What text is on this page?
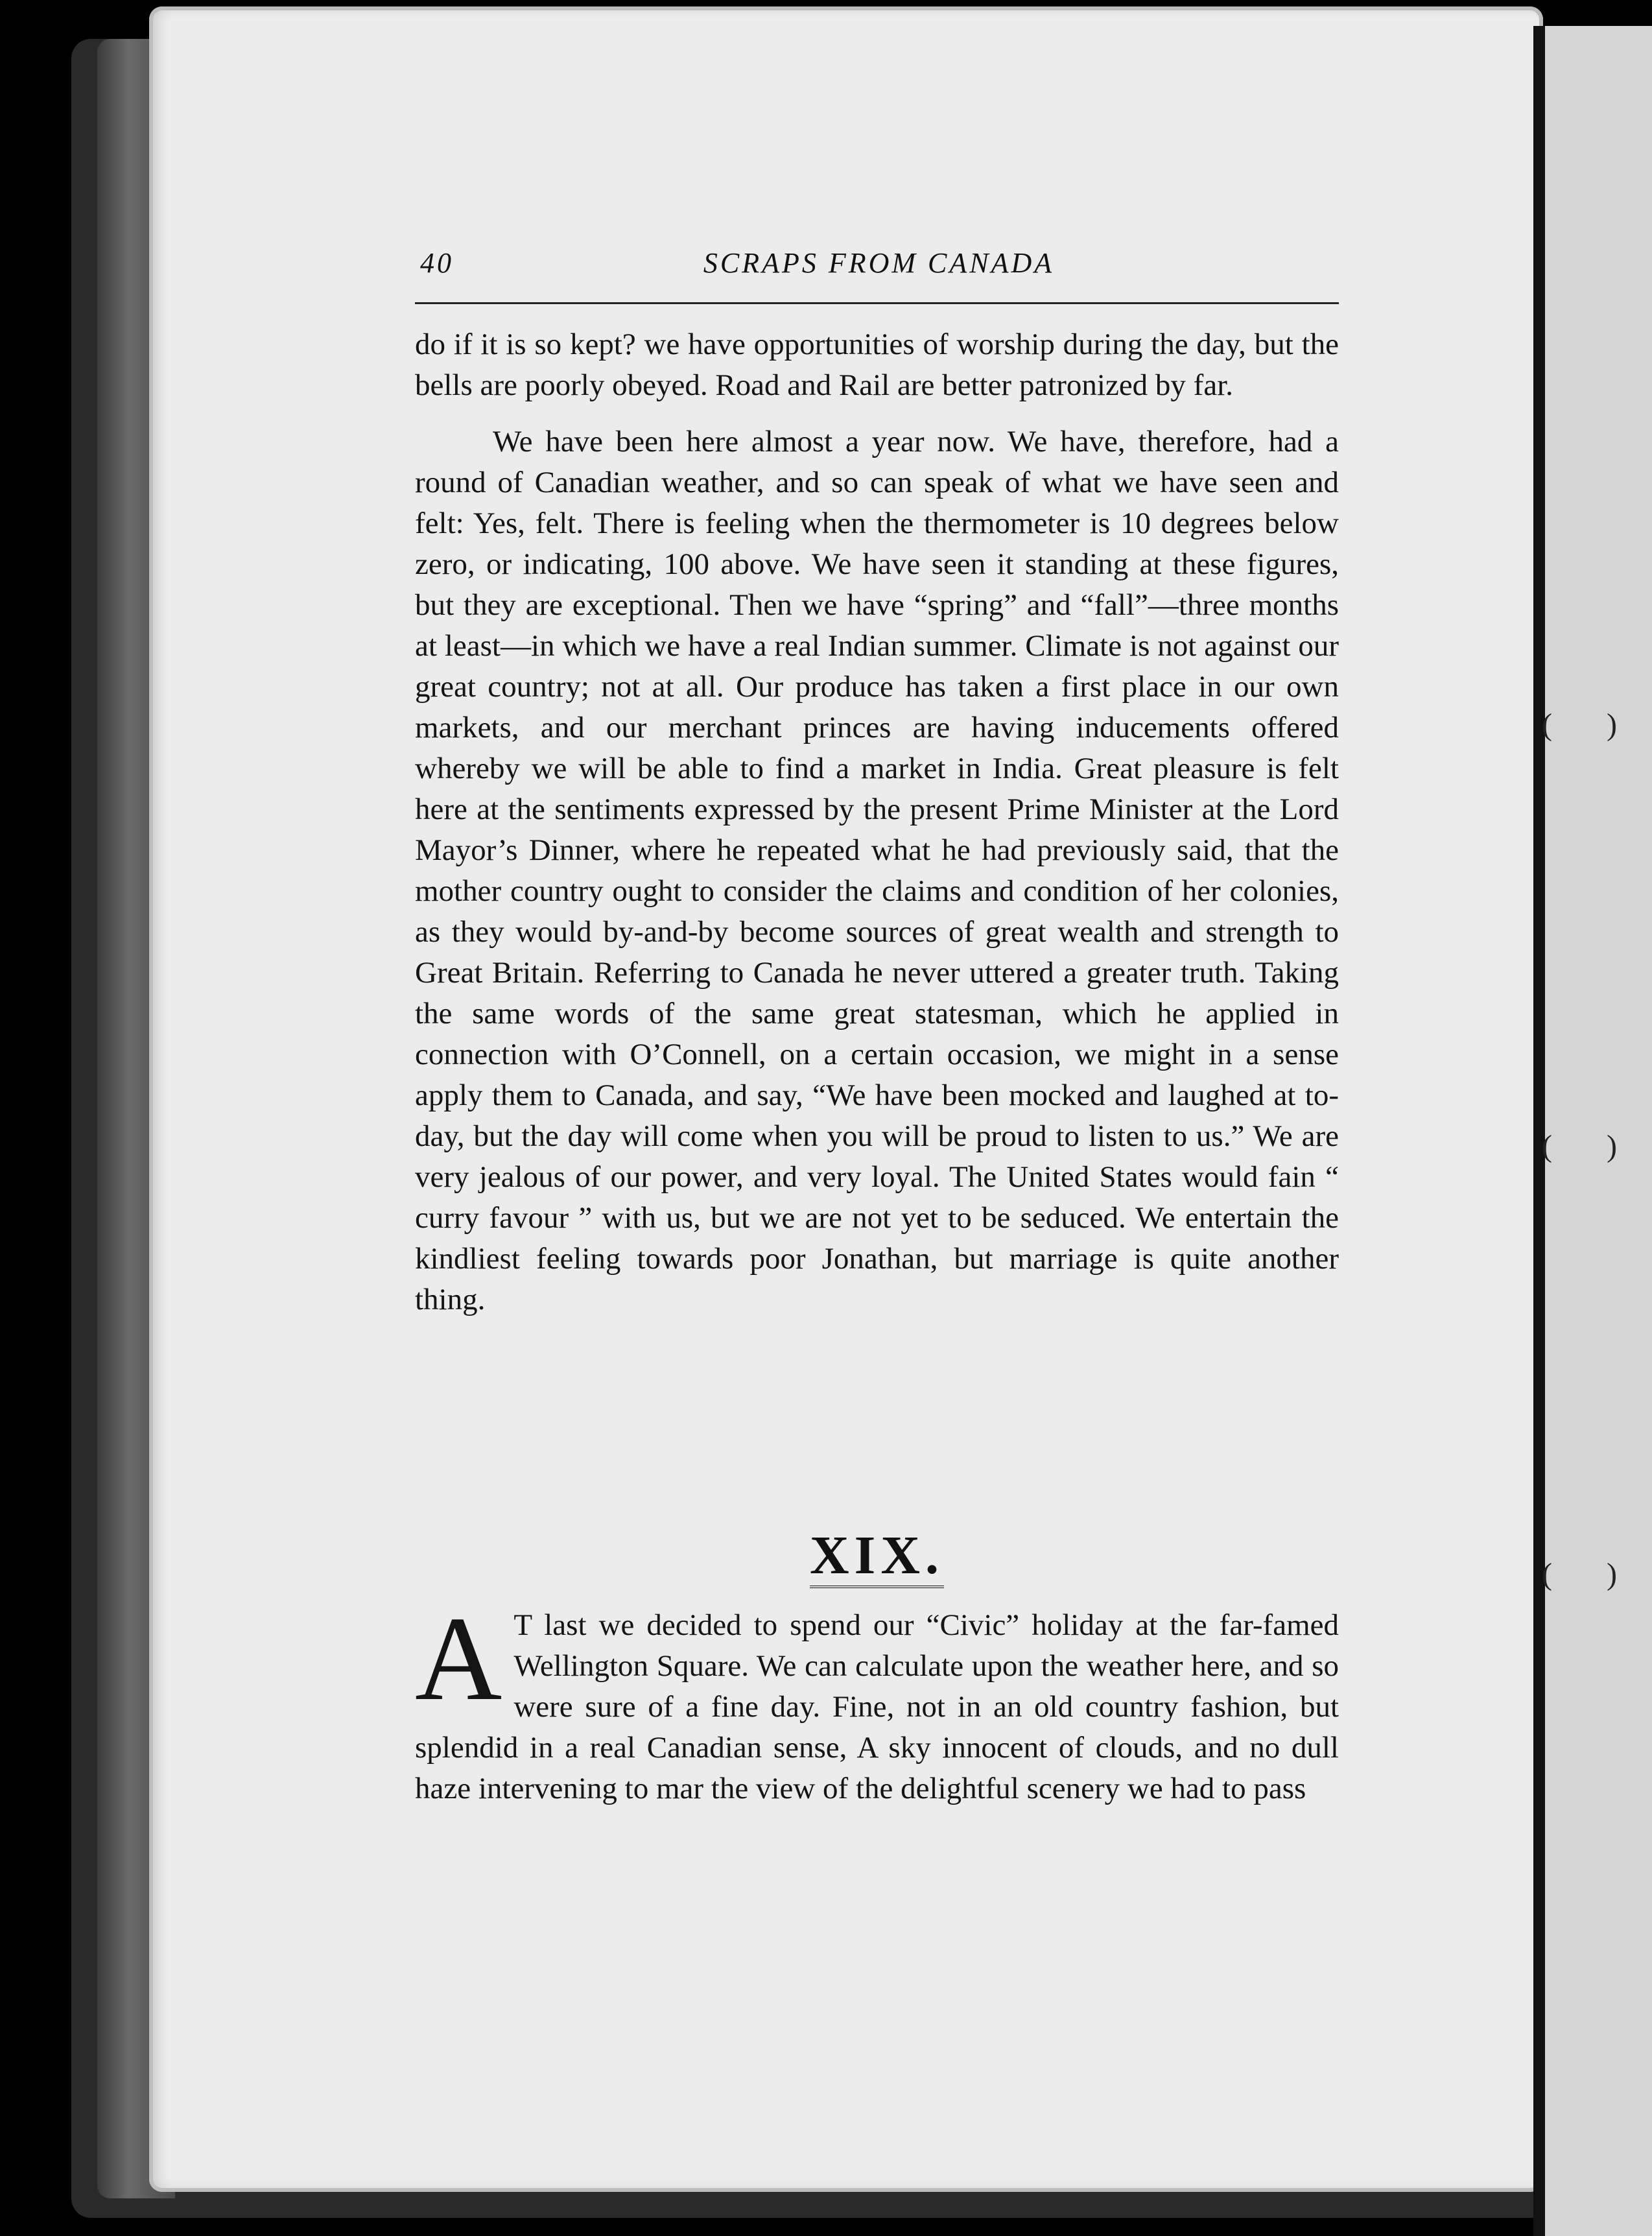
( )
( )
( )
40	SCRAPS FROM CANADA

do if it is so kept? we have opportunities of worship during the day, but the bells are poorly obeyed. Road and Rail are better patronized by far.

We have been here almost a year now. We have, therefore, had a round of Canadian weather, and so can speak of what we have seen and felt: Yes, felt. There is feeling when the thermometer is 10 degrees below zero, or indicating, 100 above. We have seen it standing at these figures, but they are exceptional. Then we have “spring” and “fall”—three months at least—in which we have a real Indian summer. Climate is not against our great country; not at all. Our produce has taken a first place in our own markets, and our merchant princes are having inducements offered whereby we will be able to find a market in India. Great pleasure is felt here at the sentiments expressed by the present Prime Minister at the Lord Mayor’s Dinner, where he repeated what he had previously said, that the mother country ought to consider the claims and condition of her colonies, as they would by-and-by become sources of great wealth and strength to Great Britain. Referring to Canada he never uttered a greater truth. Taking the same words of the same great statesman, which he applied in connection with O’Connell, on a certain occasion, we might in a sense apply them to Canada, and say, “We have been mocked and laughed at to-day, but the day will come when you will be proud to listen to us.” We are very jealous of our power, and very loyal. The United States would fain “ curry favour ” with us, but we are not yet to be seduced. We entertain the kindliest feeling towards poor Jonathan, but marriage is quite another thing.

XIX.
A T last we decided to spend our “Civic” holiday at the far-famed Wellington Square. We can calculate upon the weather here, and so were sure of a fine day. Fine, not in an old country fashion, but splendid in a real Canadian sense, A sky innocent of clouds, and no dull haze intervening to mar the view of the delightful scenery we had to pass
